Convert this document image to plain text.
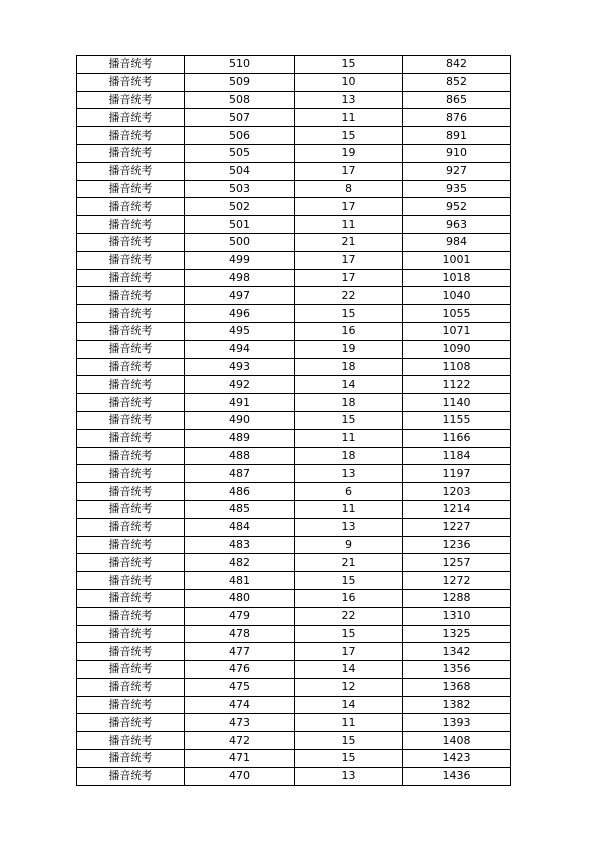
播音统考	510	15	842
播音统考	509	10	852
播音统考	508	13	865
播音统考	507	11	876
播音统考	506	15	891
播音统考	505	19	910
播音统考	504	17	927
播音统考	503	8	935
播音统考	502	17	952
播音统考	501	11	963
播音统考	500	21	984
播音统考	499	17	1001
播音统考	498	17	1018
播音统考	497	22	1040
播音统考	496	15	1055
播音统考	495	16	1071
播音统考	494	19	1090
播音统考	493	18	1108
播音统考	492	14	1122
播音统考	491	18	1140
播音统考	490	15	1155
播音统考	489	11	1166
播音统考	488	18	1184
播音统考	487	13	1197
播音统考	486	6	1203
播音统考	485	11	1214
播音统考	484	13	1227
播音统考	483	9	1236
播音统考	482	21	1257
播音统考	481	15	1272
播音统考	480	16	1288
播音统考	479	22	1310
播音统考	478	15	1325
播音统考	477	17	1342
播音统考	476	14	1356
播音统考	475	12	1368
播音统考	474	14	1382
播音统考	473	11	1393
播音统考	472	15	1408
播音统考	471	15	1423
播音统考	470	13	1436
